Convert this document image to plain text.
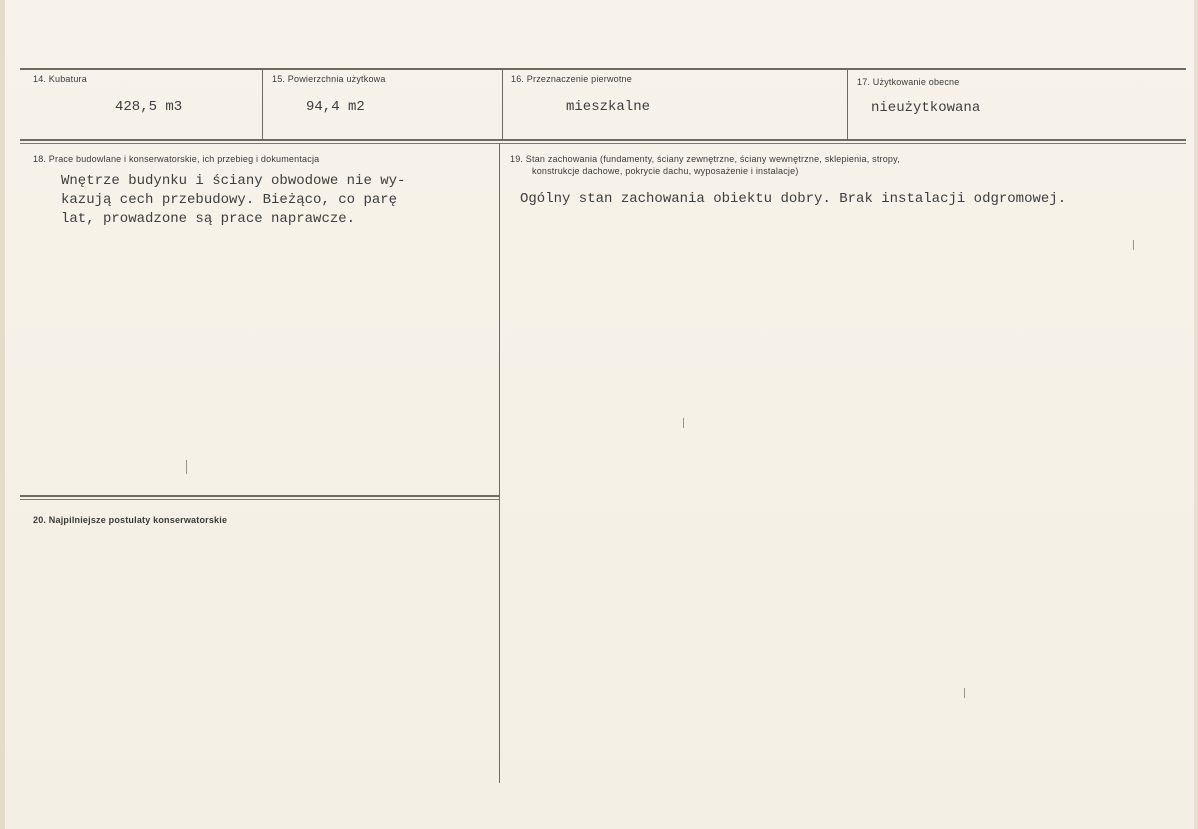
14. Kubatura
428,5 m3
15. Powierzchnia użytkowa
94,4 m2
16. Przeznaczenie pierwotne
mieszkalne
17. Użytkowanie obecne
nieużytkowana
18. Prace budowlane i konserwatorskie, ich przebieg i dokumentacja
Wnętrze budynku i ściany obwodowe nie wy-
kazują cech przebudowy. Bieżąco, co parę
lat, prowadzone są prace naprawcze.
19. Stan zachowania (fundamenty, ściany zewnętrzne, ściany wewnętrzne, sklepienia, stropy,
konstrukcje dachowe, pokrycie dachu, wyposażenie i instalacje)
Ogólny stan zachowania obiektu dobry. Brak instalacji odgromowej.
20. Najpilniejsze postulaty konserwatorskie
